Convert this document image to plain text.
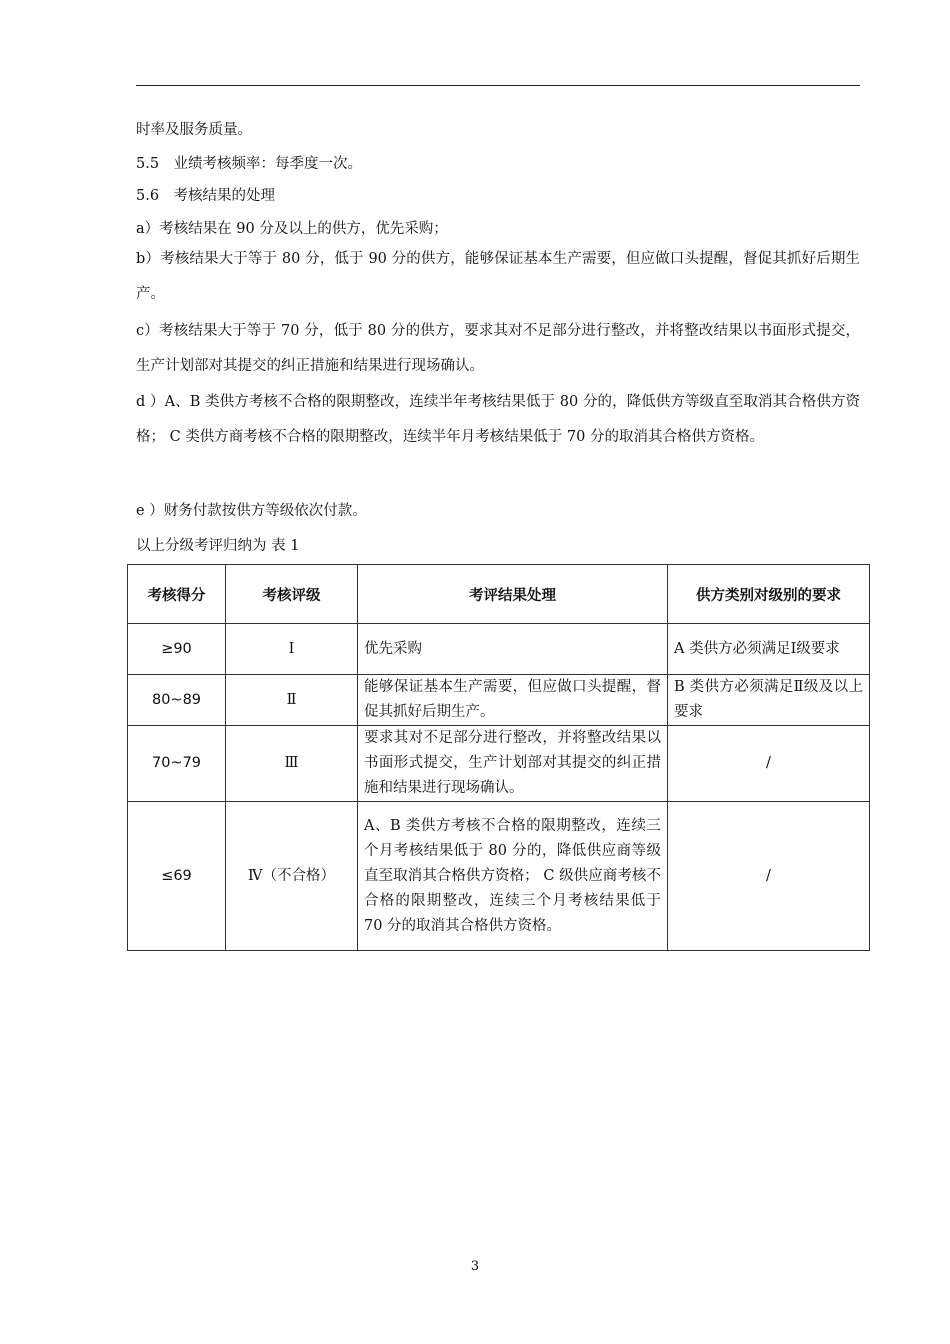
时率及服务质量。
5.5　业绩考核频率：每季度一次。
5.6　考核结果的处理
a）考核结果在 90 分及以上的供方，优先采购；

b）考核结果大于等于 80 分，低于 90 分的供方，能够保证基本生产需要，但应做口头提醒，督促其抓好后期生产。

c）考核结果大于等于 70 分，低于 80 分的供方，要求其对不足部分进行整改，并将整改结果以书面形式提交，生产计划部对其提交的纠正措施和结果进行现场确认。

d ）A、B 类供方考核不合格的限期整改，连续半年考核结果低于 80 分的，降低供方等级直至取消其合格供方资格； C 类供方商考核不合格的限期整改，连续半年月考核结果低于 70 分的取消其合格供方资格。

e ）财务付款按供方等级依次付款。
以上分级考评归纳为 表 1
考核得分	考核评级	考评结果处理	供方类别对级别的要求
≥90	Ⅰ	优先采购	A 类供方必须满足Ⅰ级要求
80~89	Ⅱ	能够保证基本生产需要，但应做口头提醒，督促其抓好后期生产。	B 类供方必须满足Ⅱ级及以上要求
70~79	Ⅲ	要求其对不足部分进行整改，并将整改结果以书面形式提交，生产计划部对其提交的纠正措施和结果进行现场确认。	/
≤69	Ⅳ（不合格）	A、B 类供方考核不合格的限期整改，连续三个月考核结果低于 80 分的，降低供应商等级直至取消其合格供方资格； C 级供应商考核不合格的限期整改，连续三个月考核结果低于 70 分的取消其合格供方资格。	/
3
